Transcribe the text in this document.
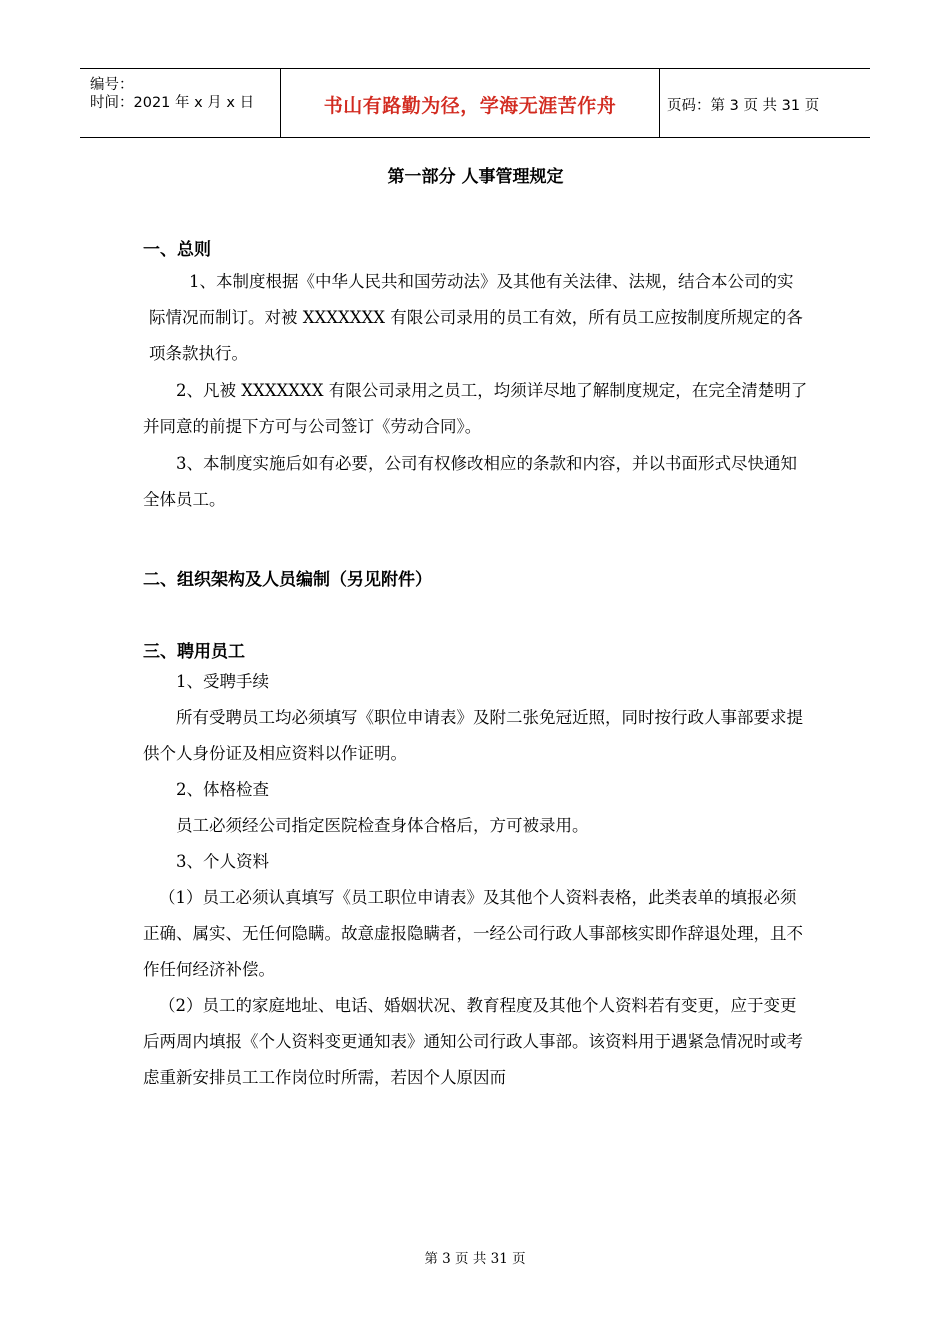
编号：
时间：2021 年 x 月 x 日	书山有路勤为径，学海无涯苦作舟	页码：第 3 页 共 31 页
第一部分 人事管理规定
一、总则

1、本制度根据《中华人民共和国劳动法》及其他有关法律、法规，结合本公司的实际情况而制订。对被 XXXXXXX 有限公司录用的员工有效，所有员工应按制度所规定的各项条款执行。

2、凡被 XXXXXXX 有限公司录用之员工，均须详尽地了解制度规定，在完全清楚明了并同意的前提下方可与公司签订《劳动合同》。

3、本制度实施后如有必要，公司有权修改相应的条款和内容，并以书面形式尽快通知全体员工。

二、组织架构及人员编制（另见附件）
三、聘用员工

1、受聘手续

所有受聘员工均必须填写《职位申请表》及附二张免冠近照，同时按行政人事部要求提供个人身份证及相应资料以作证明。

2、体格检查

员工必须经公司指定医院检查身体合格后，方可被录用。

3、个人资料

（1）员工必须认真填写《员工职位申请表》及其他个人资料表格，此类表单的填报必须正确、属实、无任何隐瞒。故意虚报隐瞒者，一经公司行政人事部核实即作辞退处理，且不作任何经济补偿。

（2）员工的家庭地址、电话、婚姻状况、教育程度及其他个人资料若有变更，应于变更后两周内填报《个人资料变更通知表》通知公司行政人事部。该资料用于遇紧急情况时或考虑重新安排员工工作岗位时所需，若因个人原因而

第 3 页 共 31 页
